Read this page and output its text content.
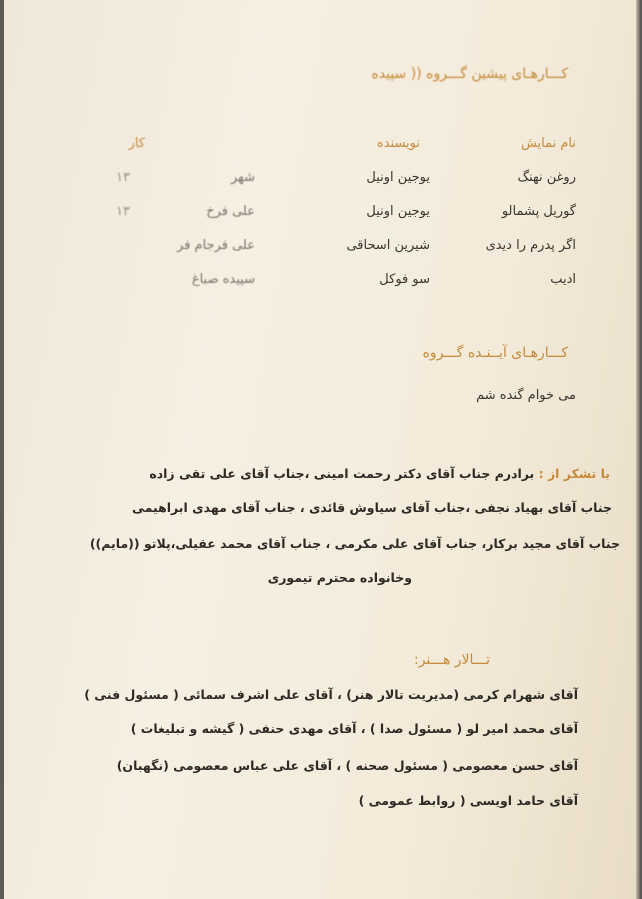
کـــارهـای پیشین گـــروه (( سپیده
نام نمایش
نویسنده
کار
روغن نهنگ
یوجین اونیل
شهر
۱۳
گوریل پشمالو
یوجین اونیل
علی فرخ
۱۳
اگر پدرم را دیدی
شیرین اسحاقی
علی فرجام فر
ادیب
سو فوکل
سپیده صباغ
کـــارهـای آیــنـده گـــروه
می خوام گنده شم
با تشکر از : برادرم جناب آقای دکتر رحمت امینی ،جناب آقای علی تقی زاده
جناب آقای بهیاد نجفی ،جناب آقای سیاوش قائدی ، جناب آقای مهدی ابراهیمی
جناب آقای مجید برکار، جناب آقای علی مکرمی ، جناب آقای محمد عقیلی،پلاتو ((مایم))
وخانواده محترم تیموری
تـــالار هـــنر:
آقای شهرام کرمی (مدیریت تالار هنر) ، آقای علی اشرف سمائی ( مسئول فنی )
آقای محمد امیر لو ( مسئول صدا ) ، آقای مهدی حنفی ( گیشه و تبلیغات )
آقای حسن معصومی ( مسئول صحنه ) ، آقای علی عباس معصومی (نگهبان)
آقای حامد اویسی ( روابط عمومی )
